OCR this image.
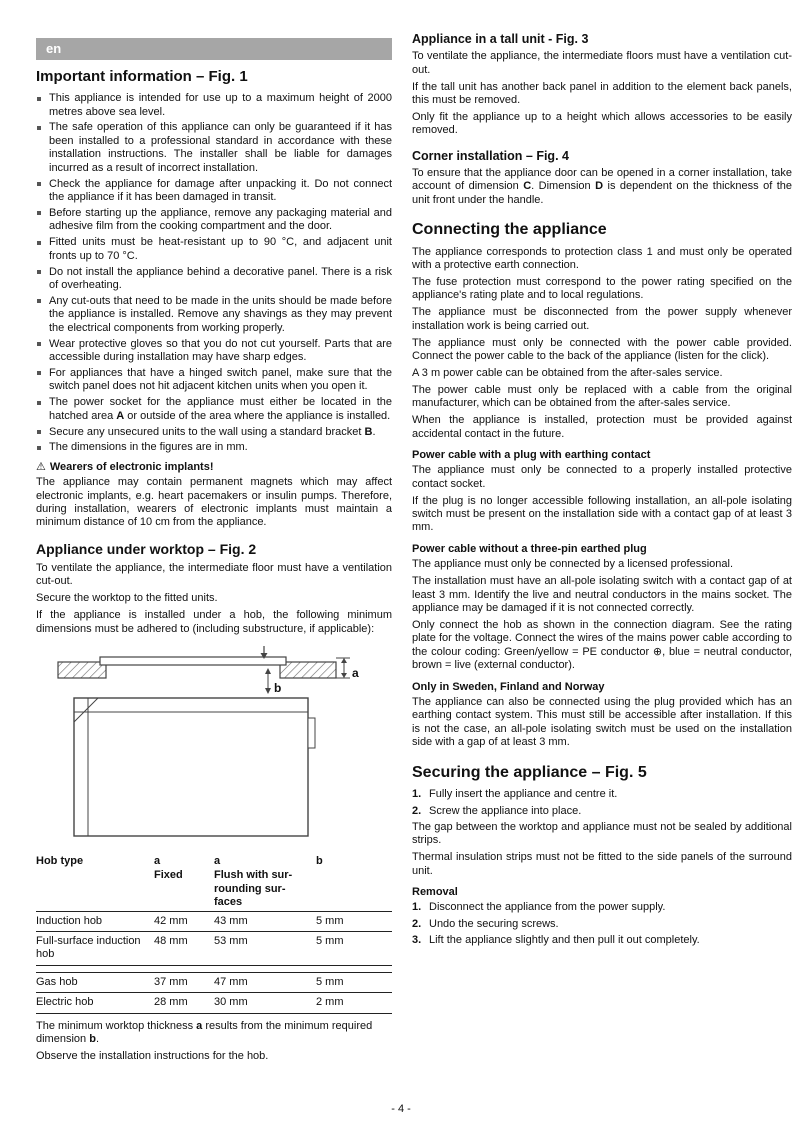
en
Important information – Fig. 1
This appliance is intended for use up to a maximum height of 2000 metres above sea level.
The safe operation of this appliance can only be guaranteed if it has been installed to a professional standard in accordance with these installation instructions. The installer shall be liable for damages incurred as a result of incorrect installation.
Check the appliance for damage after unpacking it. Do not connect the appliance if it has been damaged in transit.
Before starting up the appliance, remove any packaging material and adhesive film from the cooking compartment and the door.
Fitted units must be heat-resistant up to 90 °C, and adjacent unit fronts up to 70 °C.
Do not install the appliance behind a decorative panel. There is a risk of overheating.
Any cut-outs that need to be made in the units should be made before the appliance is installed. Remove any shavings as they may prevent the electrical components from working properly.
Wear protective gloves so that you do not cut yourself. Parts that are accessible during installation may have sharp edges.
For appliances that have a hinged switch panel, make sure that the switch panel does not hit adjacent kitchen units when you open it.
The power socket for the appliance must either be located in the hatched area A or outside of the area where the appliance is installed.
Secure any unsecured units to the wall using a standard bracket B.
The dimensions in the figures are in mm.

⚠ Wearers of electronic implants!

The appliance may contain permanent magnets which may affect electronic implants, e.g. heart pacemakers or insulin pumps. Therefore, during installation, wearers of electronic implants must maintain a minimum distance of 10 cm from the appliance.

Appliance under worktop – Fig. 2

To ventilate the appliance, the intermediate floor must have a ventilation cut-out.

Secure the worktop to the fitted units.

If the appliance is installed under a hob, the following minimum dimensions must be adhered to (including substructure, if applicable):

b
a
Hob type	a	a	b
	Fixed	Flush with sur-rounding sur-faces	
Induction hob	42 mm	43 mm	5 mm
Full-surface induction hob	48 mm	53 mm	5 mm

Gas hob	37 mm	47 mm	5 mm
Electric hob	28 mm	30 mm	2 mm

The minimum worktop thickness a results from the minimum required dimension b.

Observe the installation instructions for the hob.

Appliance in a tall unit - Fig. 3

To ventilate the appliance, the intermediate floors must have a ventilation cut-out.

If the tall unit has another back panel in addition to the element back panels, this must be removed.

Only fit the appliance up to a height which allows accessories to be easily removed.

Corner installation – Fig. 4

To ensure that the appliance door can be opened in a corner installation, take account of dimension C. Dimension D is dependent on the thickness of the unit front under the handle.

Connecting the appliance

The appliance corresponds to protection class 1 and must only be operated with a protective earth connection.

The fuse protection must correspond to the power rating specified on the appliance's rating plate and to local regulations.

The appliance must be disconnected from the power supply whenever installation work is being carried out.

The appliance must only be connected with the power cable provided. Connect the power cable to the back of the appliance (listen for the click).

A 3 m power cable can be obtained from the after-sales service.

The power cable must only be replaced with a cable from the original manufacturer, which can be obtained from the after-sales service.

When the appliance is installed, protection must be provided against accidental contact in the future.

Power cable with a plug with earthing contact

The appliance must only be connected to a properly installed protective contact socket.

If the plug is no longer accessible following installation, an all-pole isolating switch must be present on the installation side with a contact gap of at least 3 mm.

Power cable without a three-pin earthed plug

The appliance must only be connected by a licensed professional.

The installation must have an all-pole isolating switch with a contact gap of at least 3 mm. Identify the live and neutral conductors in the mains socket. The appliance may be damaged if it is not connected correctly.

Only connect the hob as shown in the connection diagram. See the rating plate for the voltage. Connect the wires of the mains power cable according to the colour coding: Green/yellow = PE conductor ⊕, blue = neutral conductor, brown = live (external conductor).

Only in Sweden, Finland and Norway

The appliance can also be connected using the plug provided which has an earthing contact system. This must still be accessible after installation. If this is not the case, an all-pole isolating switch must be used on the installation side with a gap of at least 3 mm.

Securing the appliance – Fig. 5
1. Fully insert the appliance and centre it.
2. Screw the appliance into place.

The gap between the worktop and appliance must not be sealed by additional strips.

Thermal insulation strips must not be fitted to the side panels of the surround unit.

Removal
1. Disconnect the appliance from the power supply.
2. Undo the securing screws.
3. Lift the appliance slightly and then pull it out completely.
- 4 -
